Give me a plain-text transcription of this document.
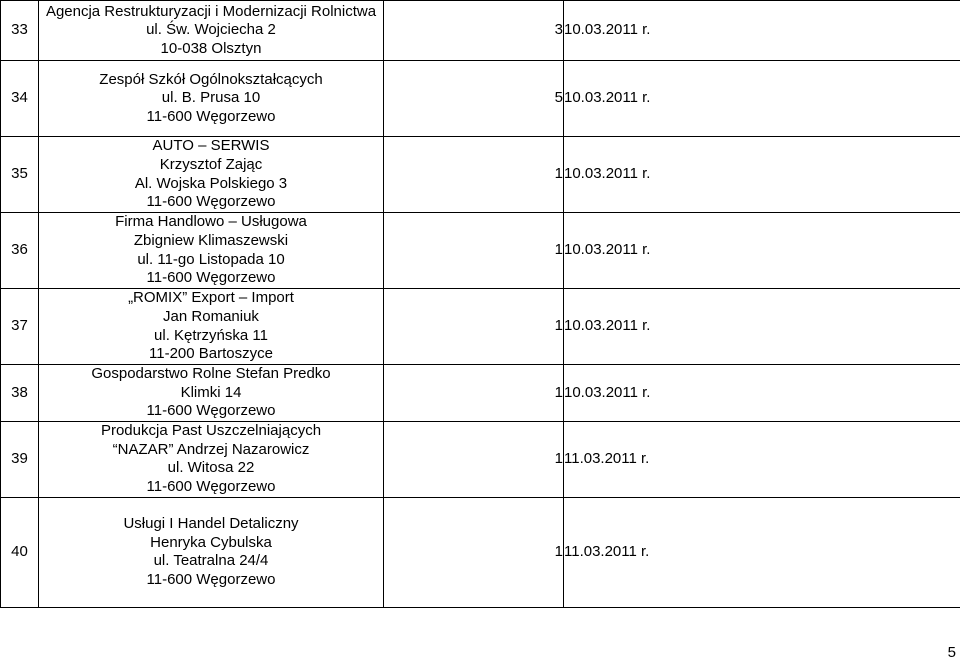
33	Agencja Restrukturyzacji i Modernizacji Rolnictwa
ul. Św. Wojciecha 2
10-038 Olsztyn	3	10.03.2011 r.
34	Zespół Szkół Ogólnokształcących
ul. B. Prusa 10
11-600 Węgorzewo	5	10.03.2011 r.
35	AUTO – SERWIS
Krzysztof Zając
Al. Wojska Polskiego 3
11-600 Węgorzewo	1	10.03.2011 r.
36	Firma Handlowo – Usługowa
Zbigniew Klimaszewski
ul. 11-go Listopada 10
11-600 Węgorzewo	1	10.03.2011 r.
37	„ROMIX” Export – Import
Jan Romaniuk
ul. Kętrzyńska 11
11-200 Bartoszyce	1	10.03.2011 r.
38	Gospodarstwo Rolne Stefan Predko
Klimki 14
11-600 Węgorzewo	1	10.03.2011 r.
39	Produkcja Past Uszczelniających
“NAZAR” Andrzej Nazarowicz
ul. Witosa 22
11-600 Węgorzewo	1	11.03.2011 r.
40	Usługi I Handel Detaliczny
Henryka Cybulska
ul. Teatralna 24/4
11-600 Węgorzewo	1	11.03.2011 r.
5
